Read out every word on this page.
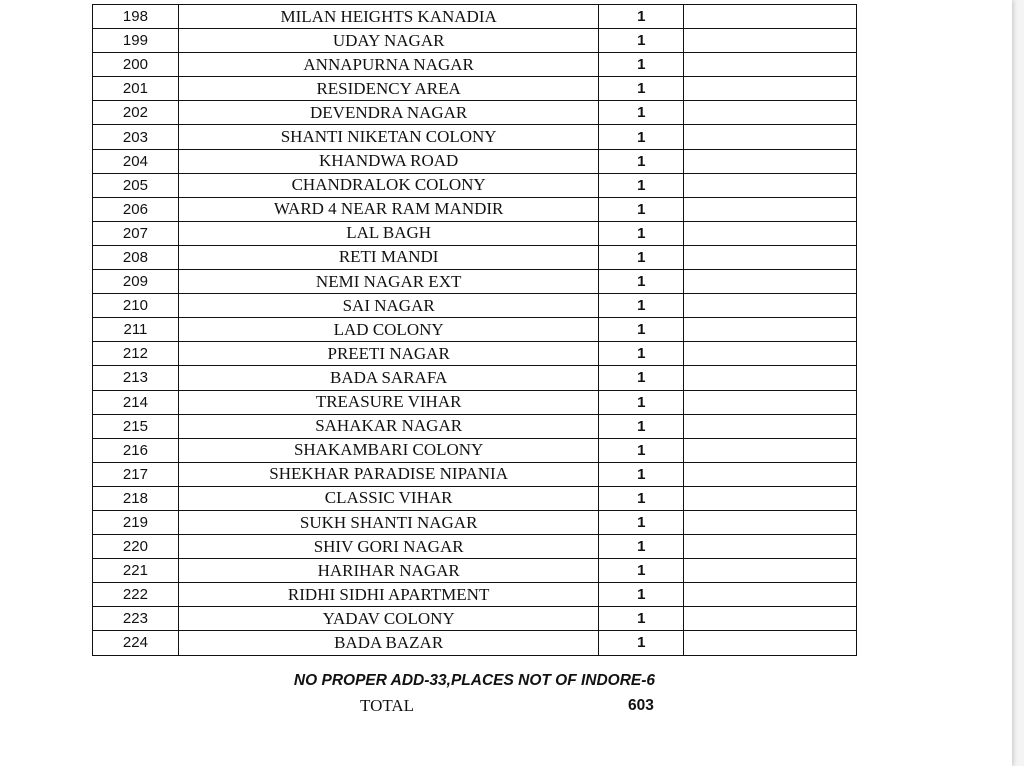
198	MILAN HEIGHTS KANADIA	1	
199	UDAY NAGAR	1	
200	ANNAPURNA NAGAR	1	
201	RESIDENCY AREA	1	
202	DEVENDRA NAGAR	1	
203	SHANTI NIKETAN COLONY	1	
204	KHANDWA ROAD	1	
205	CHANDRALOK COLONY	1	
206	WARD 4 NEAR RAM MANDIR	1	
207	LAL BAGH	1	
208	RETI MANDI	1	
209	NEMI NAGAR EXT	1	
210	SAI NAGAR	1	
211	LAD COLONY	1	
212	PREETI NAGAR	1	
213	BADA SARAFA	1	
214	TREASURE VIHAR	1	
215	SAHAKAR NAGAR	1	
216	SHAKAMBARI COLONY	1	
217	SHEKHAR PARADISE NIPANIA	1	
218	CLASSIC VIHAR	1	
219	SUKH SHANTI NAGAR	1	
220	SHIV GORI NAGAR	1	
221	HARIHAR NAGAR	1	
222	RIDHI SIDHI APARTMENT	1	
223	YADAV COLONY	1	
224	BADA BAZAR	1	
NO PROPER ADD-33,PLACES NOT OF INDORE-6
TOTAL	603
